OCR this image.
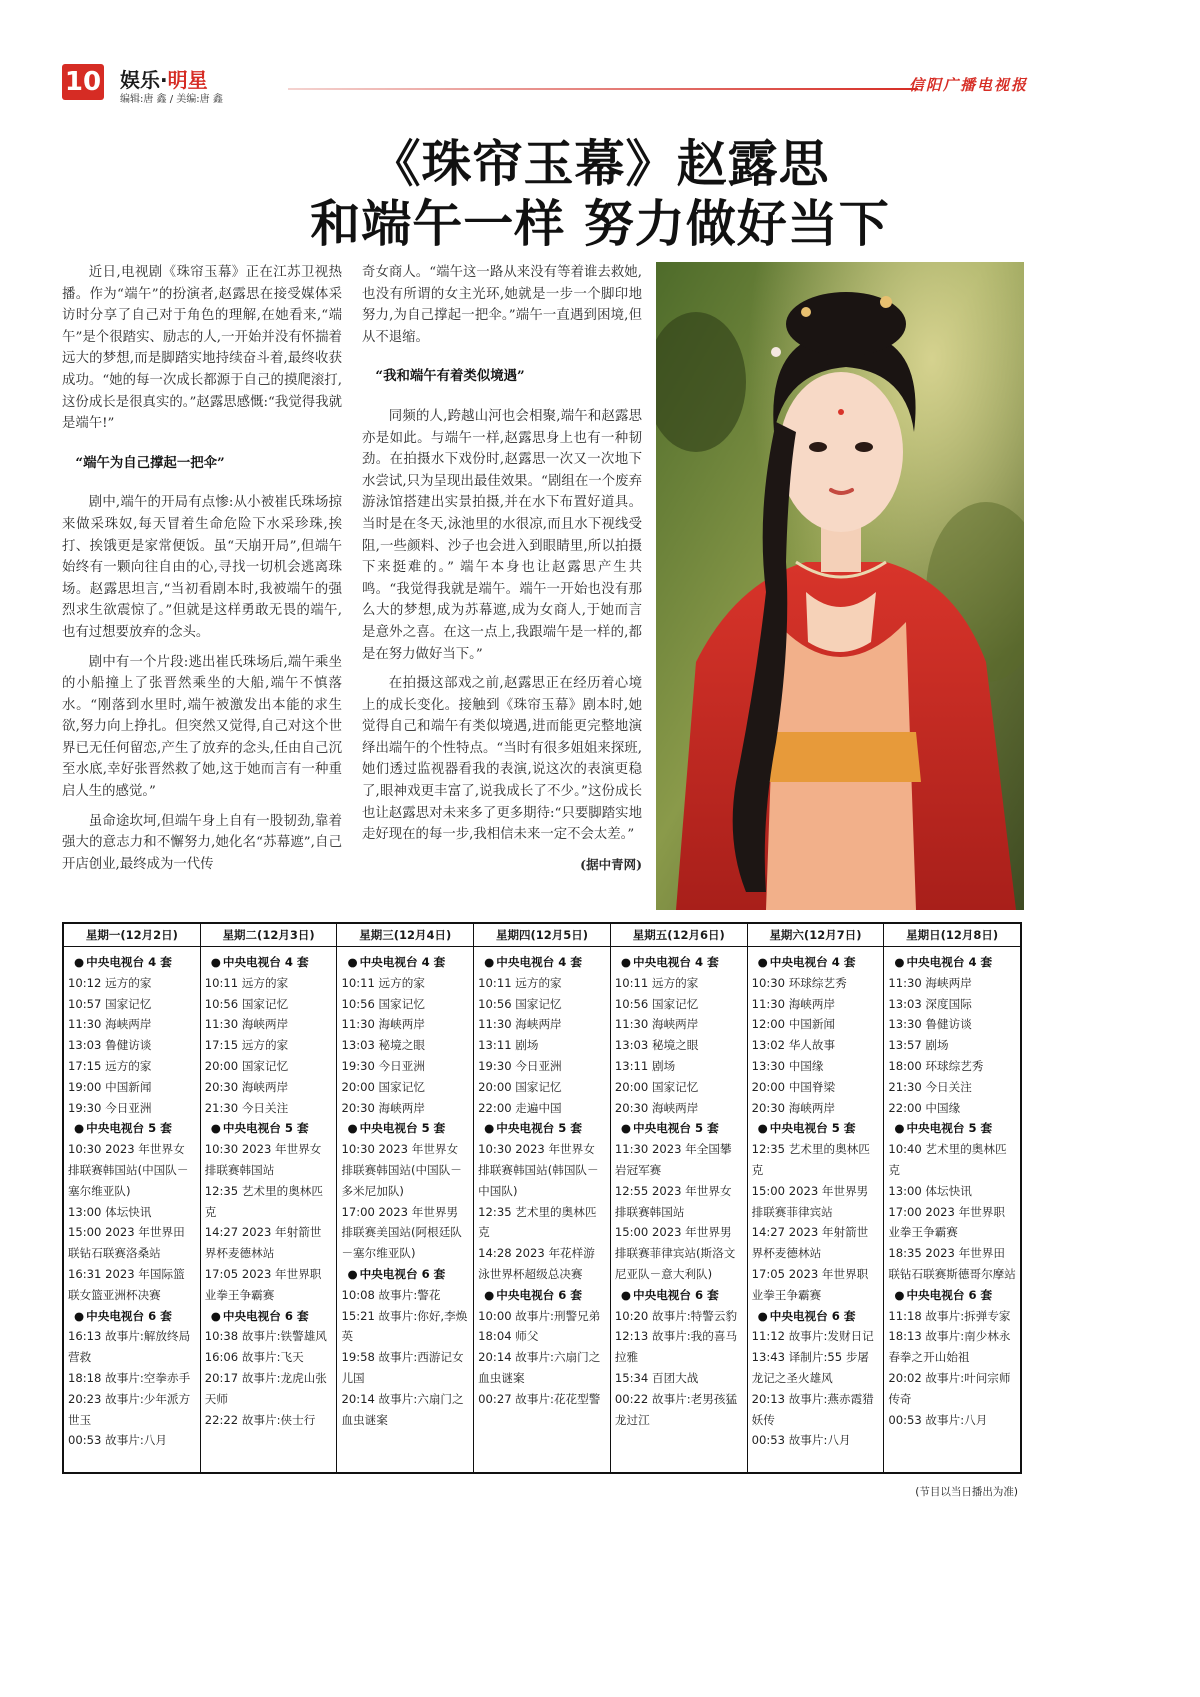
10 娱乐·明星
编辑:唐 鑫 / 美编:唐 鑫
信阳广播电视报
《珠帘玉幕》赵露思
和端午一样 努力做好当下

近日,电视剧《珠帘玉幕》正在江苏卫视热播。作为“端午”的扮演者,赵露思在接受媒体采访时分享了自己对于角色的理解,在她看来,“端午”是个很踏实、励志的人,一开始并没有怀揣着远大的梦想,而是脚踏实地持续奋斗着,最终收获成功。“她的每一次成长都源于自己的摸爬滚打,这份成长是很真实的。”赵露思感慨:“我觉得我就是端午!”

“端午为自己撑起一把伞”

剧中,端午的开局有点惨:从小被崔氏珠场掠来做采珠奴,每天冒着生命危险下水采珍珠,挨打、挨饿更是家常便饭。虽“天崩开局”,但端午始终有一颗向往自由的心,寻找一切机会逃离珠场。赵露思坦言,“当初看剧本时,我被端午的强烈求生欲震惊了。”但就是这样勇敢无畏的端午,也有过想要放弃的念头。

剧中有一个片段:逃出崔氏珠场后,端午乘坐的小船撞上了张晋然乘坐的大船,端午不慎落水。“刚落到水里时,端午被激发出本能的求生欲,努力向上挣扎。但突然又觉得,自己对这个世界已无任何留恋,产生了放弃的念头,任由自己沉至水底,幸好张晋然救了她,这于她而言有一种重启人生的感觉。”

虽命途坎坷,但端午身上自有一股韧劲,靠着强大的意志力和不懈努力,她化名“苏幕遮”,自己开店创业,最终成为一代传

奇女商人。“端午这一路从来没有等着谁去救她,也没有所谓的女主光环,她就是一步一个脚印地努力,为自己撑起一把伞。”端午一直遇到困境,但从不退缩。

“我和端午有着类似境遇”

同频的人,跨越山河也会相聚,端午和赵露思亦是如此。与端午一样,赵露思身上也有一种韧劲。在拍摄水下戏份时,赵露思一次又一次地下水尝试,只为呈现出最佳效果。“剧组在一个废弃游泳馆搭建出实景拍摄,并在水下布置好道具。当时是在冬天,泳池里的水很凉,而且水下视线受阻,一些颜料、沙子也会进入到眼睛里,所以拍摄下来挺难的。” 端午本身也让赵露思产生共鸣。“我觉得我就是端午。端午一开始也没有那么大的梦想,成为苏幕遮,成为女商人,于她而言是意外之喜。在这一点上,我跟端午是一样的,都是在努力做好当下。”

在拍摄这部戏之前,赵露思正在经历着心境上的成长变化。接触到《珠帘玉幕》剧本时,她觉得自己和端午有类似境遇,进而能更完整地演绎出端午的个性特点。“当时有很多姐姐来探班,她们透过监视器看我的表演,说这次的表演更稳了,眼神戏更丰富了,说我成长了不少。”这份成长也让赵露思对未来多了更多期待:“只要脚踏实地走好现在的每一步,我相信未来一定不会太差。”

(据中青网)
星期一(12月2日)
● 中央电视台 4 套
10:12 远方的家
10:57 国家记忆
11:30 海峡两岸
13:03 鲁健访谈
17:15 远方的家
19:00 中国新闻
19:30 今日亚洲
● 中央电视台 5 套
10:30 2023 年世界女排联赛韩国站(中国队－塞尔维亚队)
13:00 体坛快讯
15:00 2023 年世界田联钻石联赛洛桑站
16:31 2023 年国际篮联女篮亚洲杯决赛
● 中央电视台 6 套
16:13 故事片:解放终局营救
18:18 故事片:空拳赤手
20:23 故事片:少年派方世玉
00:53 故事片:八月
星期二(12月3日)
● 中央电视台 4 套
10:11 远方的家
10:56 国家记忆
11:30 海峡两岸
17:15 远方的家
20:00 国家记忆
20:30 海峡两岸
21:30 今日关注
● 中央电视台 5 套
10:30 2023 年世界女排联赛韩国站
12:35 艺术里的奥林匹克
14:27 2023 年射箭世界杯麦德林站
17:05 2023 年世界职业拳王争霸赛
● 中央电视台 6 套
10:38 故事片:铁警雄风
16:06 故事片:飞天
20:17 故事片:龙虎山张天师
22:22 故事片:侠士行
星期三(12月4日)
● 中央电视台 4 套
10:11 远方的家
10:56 国家记忆
11:30 海峡两岸
13:03 秘境之眼
19:30 今日亚洲
20:00 国家记忆
20:30 海峡两岸
● 中央电视台 5 套
10:30 2023 年世界女排联赛韩国站(中国队－多米尼加队)
17:00 2023 年世界男排联赛美国站(阿根廷队－塞尔维亚队)
● 中央电视台 6 套
10:08 故事片:警花
15:21 故事片:你好,李焕英
19:58 故事片:西游记女儿国
20:14 故事片:六扇门之血虫谜案
星期四(12月5日)
● 中央电视台 4 套
10:11 远方的家
10:56 国家记忆
11:30 海峡两岸
13:11 剧场
19:30 今日亚洲
20:00 国家记忆
22:00 走遍中国
● 中央电视台 5 套
10:30 2023 年世界女排联赛韩国站(韩国队－中国队)
12:35 艺术里的奥林匹克
14:28 2023 年花样游泳世界杯超级总决赛
● 中央电视台 6 套
10:00 故事片:刑警兄弟
18:04 师父
20:14 故事片:六扇门之血虫谜案
00:27 故事片:花花型警
星期五(12月6日)
● 中央电视台 4 套
10:11 远方的家
10:56 国家记忆
11:30 海峡两岸
13:03 秘境之眼
13:11 剧场
20:00 国家记忆
20:30 海峡两岸
● 中央电视台 5 套
11:30 2023 年全国攀岩冠军赛
12:55 2023 年世界女排联赛韩国站
15:00 2023 年世界男排联赛菲律宾站(斯洛文尼亚队－意大利队)
● 中央电视台 6 套
10:20 故事片:特警云豹
12:13 故事片:我的喜马拉雅
15:34 百团大战
00:22 故事片:老男孩猛龙过江
星期六(12月7日)
● 中央电视台 4 套
10:30 环球综艺秀
11:30 海峡两岸
12:00 中国新闻
13:02 华人故事
13:30 中国缘
20:00 中国脊梁
20:30 海峡两岸
● 中央电视台 5 套
12:35 艺术里的奥林匹克
15:00 2023 年世界男排联赛菲律宾站
14:27 2023 年射箭世界杯麦德林站
17:05 2023 年世界职业拳王争霸赛
● 中央电视台 6 套
11:12 故事片:发财日记
13:43 译制片:55 步屠龙记之圣火雄风
20:13 故事片:燕赤霞猎妖传
00:53 故事片:八月
星期日(12月8日)
● 中央电视台 4 套
11:30 海峡两岸
13:03 深度国际
13:30 鲁健访谈
13:57 剧场
18:00 环球综艺秀
21:30 今日关注
22:00 中国缘
● 中央电视台 5 套
10:40 艺术里的奥林匹克
13:00 体坛快讯
17:00 2023 年世界职业拳王争霸赛
18:35 2023 年世界田联钻石联赛斯德哥尔摩站
● 中央电视台 6 套
11:18 故事片:拆弹专家
18:13 故事片:南少林永春拳之开山始祖
20:02 故事片:叶问宗师传奇
00:53 故事片:八月
(节目以当日播出为准)
